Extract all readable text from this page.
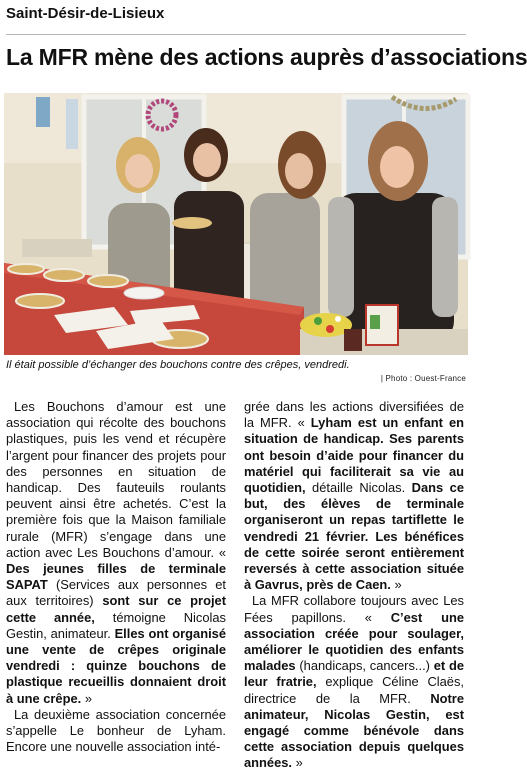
Saint-Désir-de-Lisieux
La MFR mène des actions auprès d’associations
Il était possible d’échanger des bouchons contre des crêpes, vendredi.
| Photo : Ouest-France

Les Bouchons d’amour est une association qui récolte des bouchons plastiques, puis les vend et récupère l’argent pour financer des projets pour des personnes en situation de handicap. Des fauteuils roulants peuvent ainsi être achetés. C’est la première fois que la Maison familiale rurale (MFR) s’engage dans une action avec Les Bouchons d’amour. « Des jeunes filles de terminale SAPAT (Services aux personnes et aux territoires) sont sur ce projet cette année, témoigne Nicolas Gestin, animateur. Elles ont organisé une vente de crêpes originale vendredi : quinze bouchons de plastique recueillis donnaient droit à une crêpe. »

La deuxième association concernée s’appelle Le bonheur de Lyham. Encore une nouvelle association inté-

grée dans les actions diversifiées de la MFR. « Lyham est un enfant en situation de handicap. Ses parents ont besoin d’aide pour financer du matériel qui faciliterait sa vie au quotidien, détaille Nicolas. Dans ce but, des élèves de terminale organiseront un repas tartiflette le vendredi 21 février. Les bénéfices de cette soirée seront entièrement reversés à cette association située à Gavrus, près de Caen. »

La MFR collabore toujours avec Les Fées papillons. « C’est une association créée pour soulager, améliorer le quotidien des enfants malades (handicaps, cancers...) et de leur fratrie, explique Céline Claës, directrice de la MFR. Notre animateur, Nicolas Gestin, est engagé comme bénévole dans cette association depuis quelques années. »
